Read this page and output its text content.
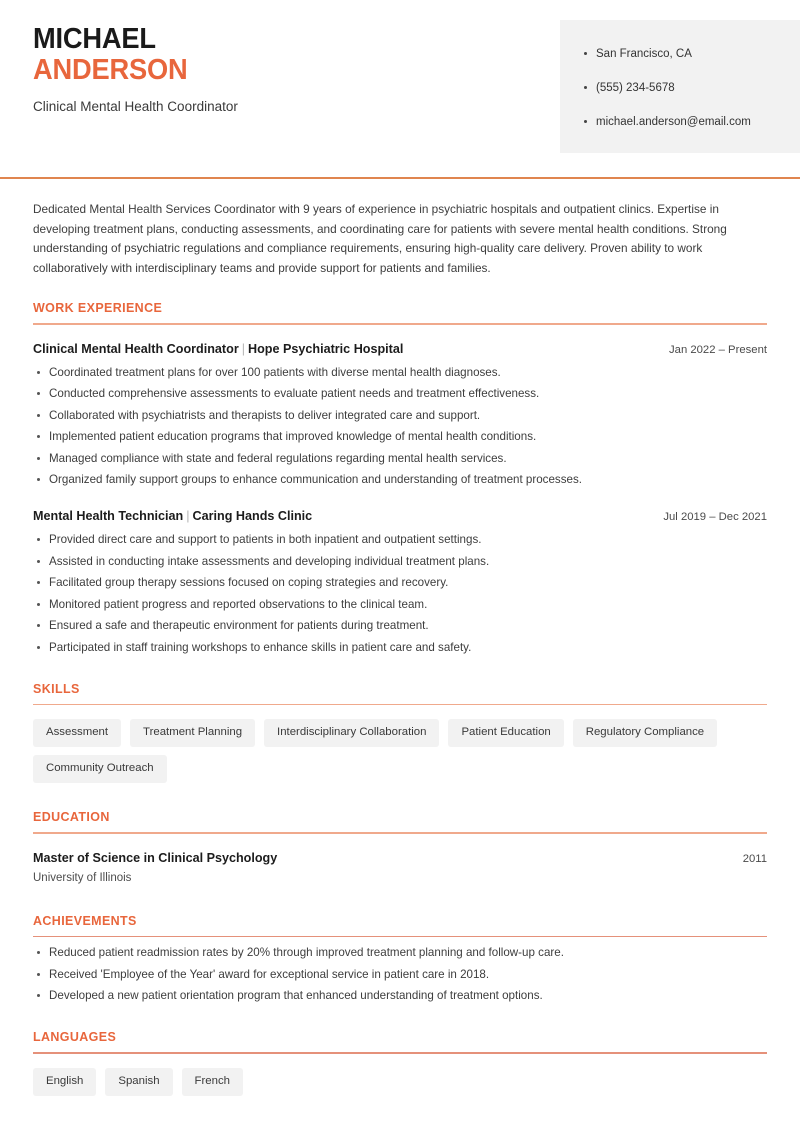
MICHAEL
ANDERSON
Clinical Mental Health Coordinator
San Francisco, CA
(555) 234-5678
michael.anderson@email.com

Dedicated Mental Health Services Coordinator with 9 years of experience in psychiatric hospitals and outpatient clinics. Expertise in developing treatment plans, conducting assessments, and coordinating care for patients with severe mental health conditions. Strong understanding of psychiatric regulations and compliance requirements, ensuring high-quality care delivery. Proven ability to work collaboratively with interdisciplinary teams and provide support for patients and families.

WORK EXPERIENCE
Clinical Mental Health Coordinator | Hope Psychiatric Hospital	Jan 2022 – Present
Coordinated treatment plans for over 100 patients with diverse mental health diagnoses.
Conducted comprehensive assessments to evaluate patient needs and treatment effectiveness.
Collaborated with psychiatrists and therapists to deliver integrated care and support.
Implemented patient education programs that improved knowledge of mental health conditions.
Managed compliance with state and federal regulations regarding mental health services.
Organized family support groups to enhance communication and understanding of treatment processes.
Mental Health Technician | Caring Hands Clinic	Jul 2019 – Dec 2021
Provided direct care and support to patients in both inpatient and outpatient settings.
Assisted in conducting intake assessments and developing individual treatment plans.
Facilitated group therapy sessions focused on coping strategies and recovery.
Monitored patient progress and reported observations to the clinical team.
Ensured a safe and therapeutic environment for patients during treatment.
Participated in staff training workshops to enhance skills in patient care and safety.
SKILLS
Assessment	Treatment Planning	Interdisciplinary Collaboration	Patient Education	Regulatory Compliance
Community Outreach
EDUCATION
Master of Science in Clinical Psychology	2011
University of Illinois
ACHIEVEMENTS
Reduced patient readmission rates by 20% through improved treatment planning and follow-up care.
Received 'Employee of the Year' award for exceptional service in patient care in 2018.
Developed a new patient orientation program that enhanced understanding of treatment options.
LANGUAGES
English	Spanish	French
